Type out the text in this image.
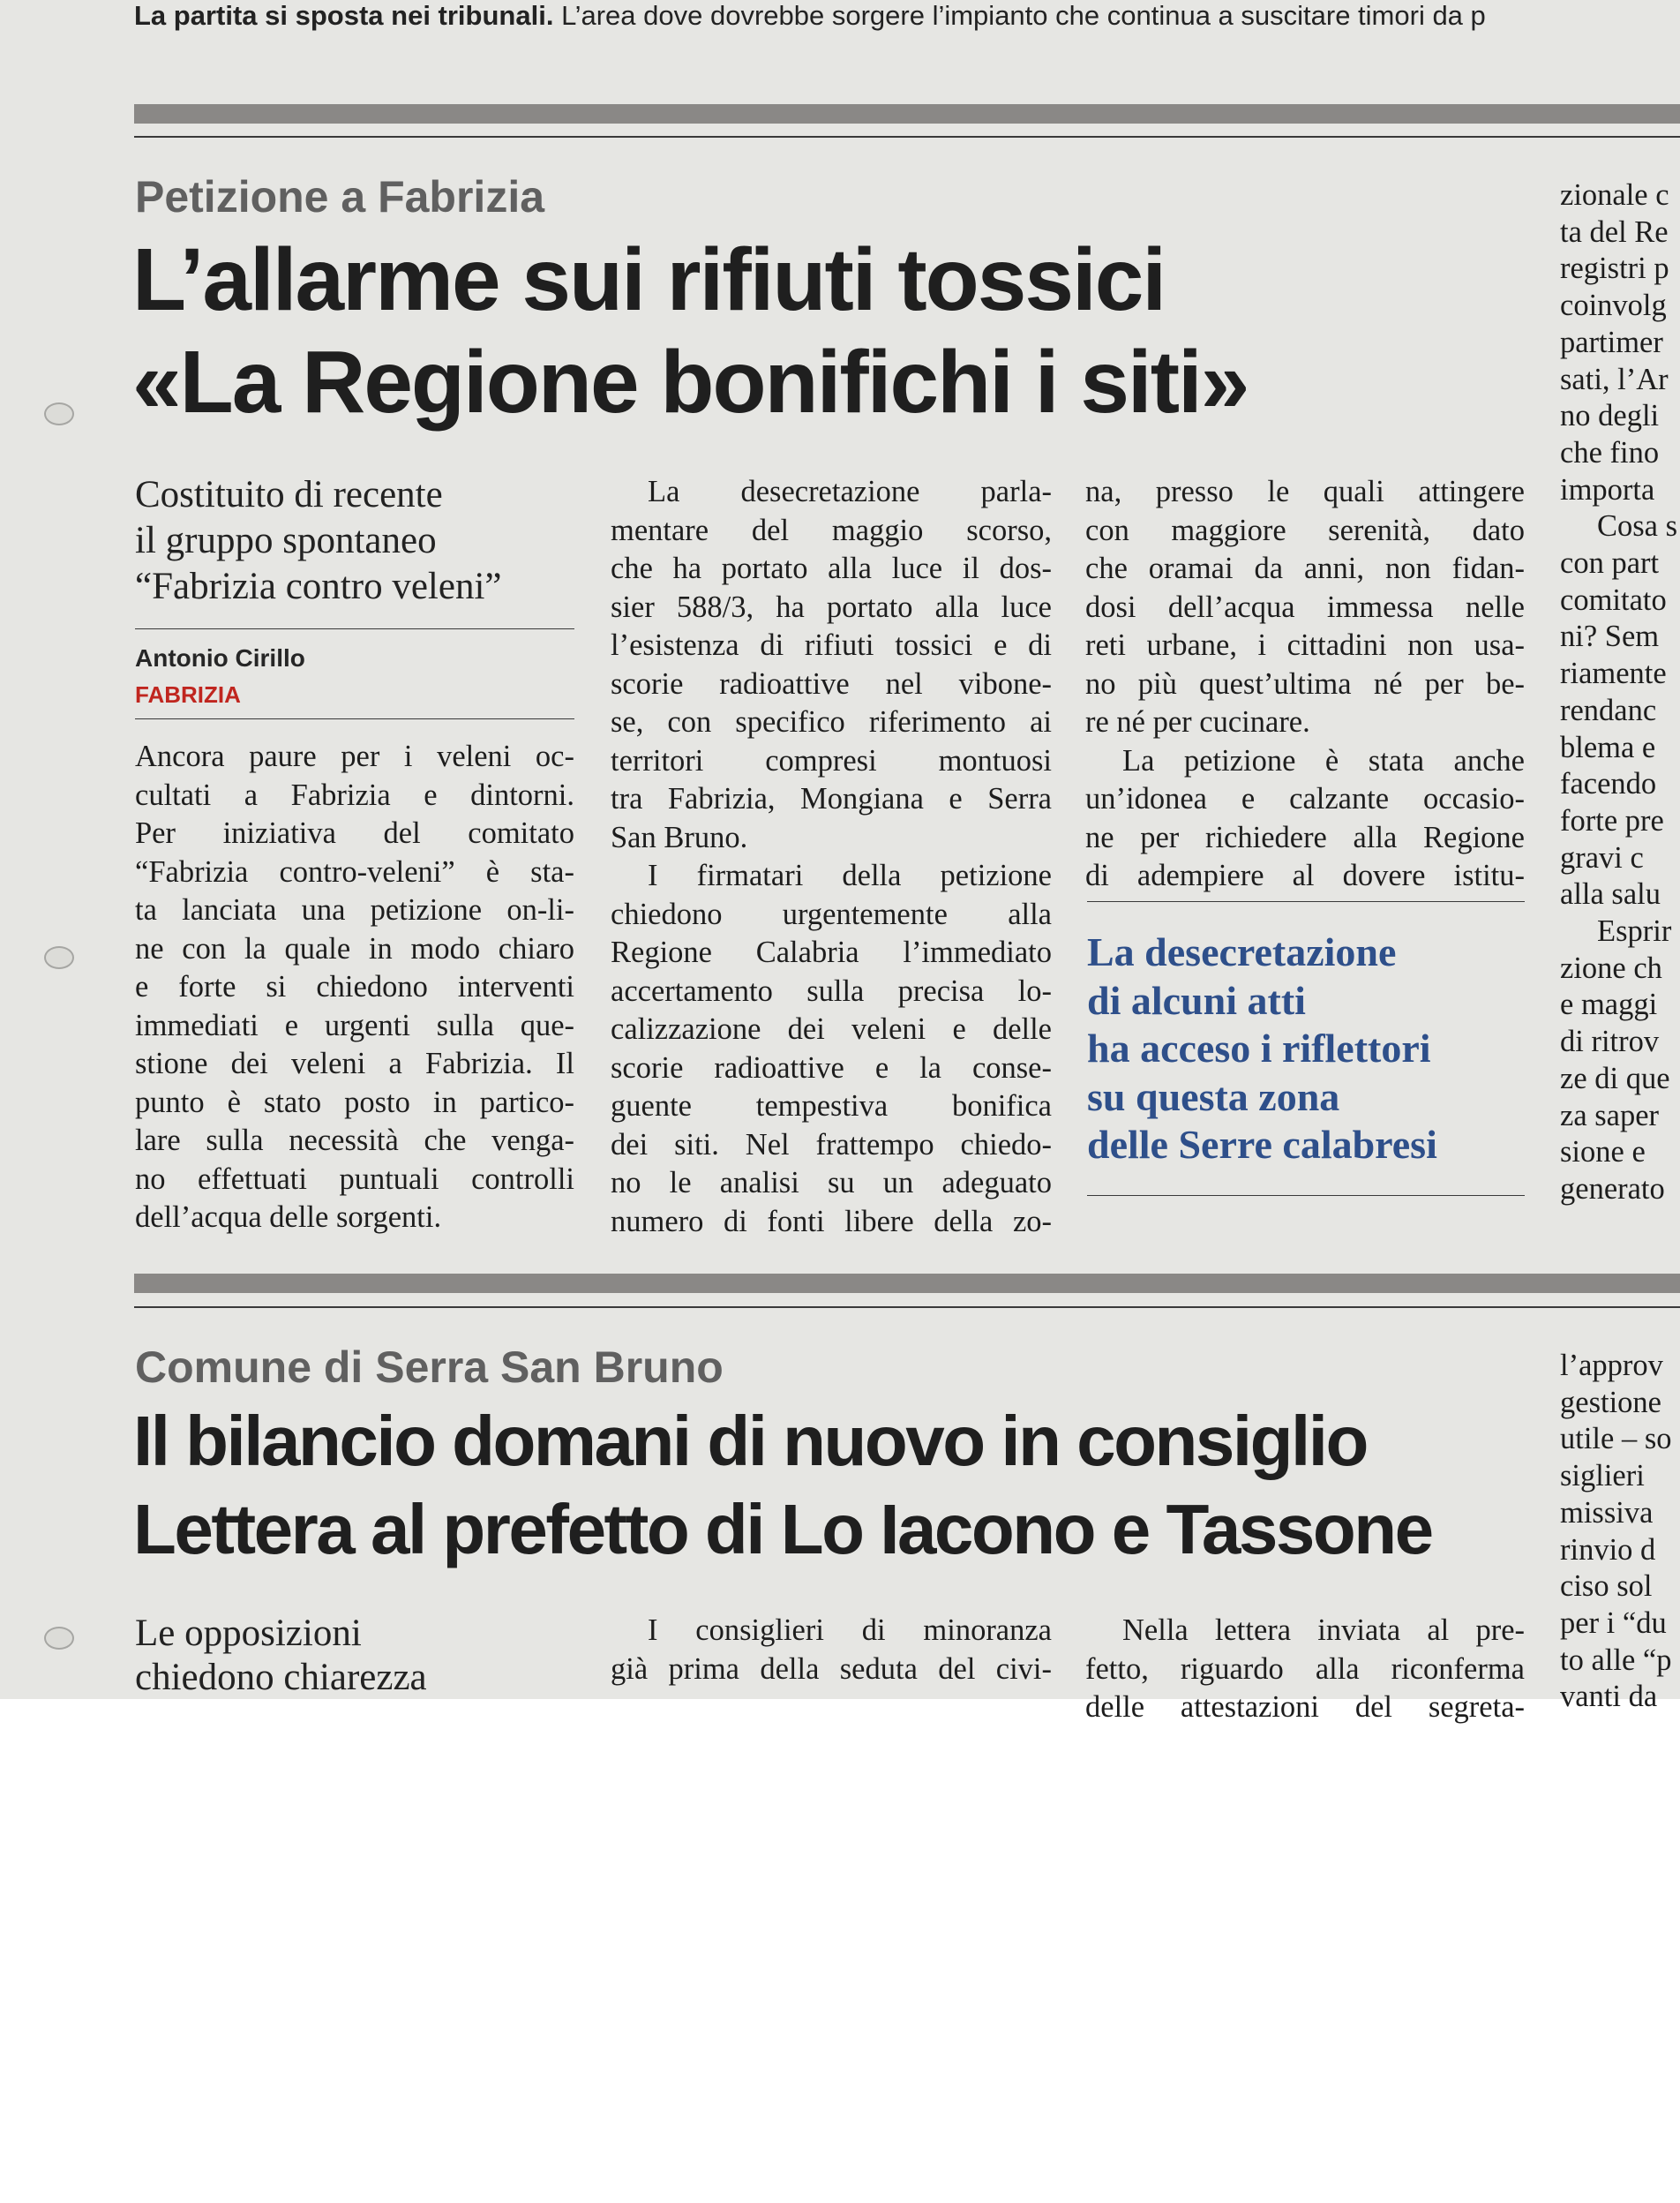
La partita si sposta nei tribunali. L’area dove dovrebbe sorgere l’impianto che continua a suscitare timori da p
Petizione a Fabrizia
L’allarme sui rifiuti tossici
«La Regione bonifichi i siti»
Costituito di recente
il gruppo spontaneo
“Fabrizia contro veleni”
Antonio Cirillo
FABRIZIA
Ancora paure per i veleni oc-
cultati a Fabrizia e dintorni.
Per iniziativa del comitato
“Fabrizia contro-veleni” è sta-
ta lanciata una petizione on-li-
ne con la quale in modo chiaro
e forte si chiedono interventi
immediati e urgenti sulla que-
stione dei veleni a Fabrizia. Il
punto è stato posto in partico-
lare sulla necessità che venga-
no effettuati puntuali controlli
dell’acqua delle sorgenti.
La desecretazione parla-
mentare del maggio scorso,
che ha portato alla luce il dos-
sier 588/3, ha portato alla luce
l’esistenza di rifiuti tossici e di
scorie radioattive nel vibone-
se, con specifico riferimento ai
territori compresi montuosi
tra Fabrizia, Mongiana e Serra
San Bruno.
I firmatari della petizione
chiedono urgentemente alla
Regione Calabria l’immediato
accertamento sulla precisa lo-
calizzazione dei veleni e delle
scorie radioattive e la conse-
guente tempestiva bonifica
dei siti. Nel frattempo chiedo-
no le analisi su un adeguato
numero di fonti libere della zo-
na, presso le quali attingere
con maggiore serenità, dato
che oramai da anni, non fidan-
dosi dell’acqua immessa nelle
reti urbane, i cittadini non usa-
no più quest’ultima né per be-
re né per cucinare.
La petizione è stata anche
un’idonea e calzante occasio-
ne per richiedere alla Regione
di adempiere al dovere istitu-
La desecretazione
di alcuni atti
ha acceso i riflettori
su questa zona
delle Serre calabresi
zionale c
ta del Re
registri p
coinvolg
partimer
sati, l’Ar
no degli
che fino
importa
Cosa s
con part
comitato
ni? Sem
riamente
rendanc
blema e
facendo
forte pre
gravi c
alla salu
Esprir
zione ch
e maggi
di ritrov
ze di que
za saper
sione e
generato
Comune di Serra San Bruno
Il bilancio domani di nuovo in consiglio
Lettera al prefetto di Lo Iacono e Tassone
Le opposizioni
chiedono chiarezza
I consiglieri di minoranza
già prima della seduta del civi-
Nella lettera inviata al pre-
fetto, riguardo alla riconferma
delle attestazioni del segreta-
l’approv
gestione
utile – so
siglieri
missiva
rinvio d
ciso sol
per i “du
to alle “p
vanti da
